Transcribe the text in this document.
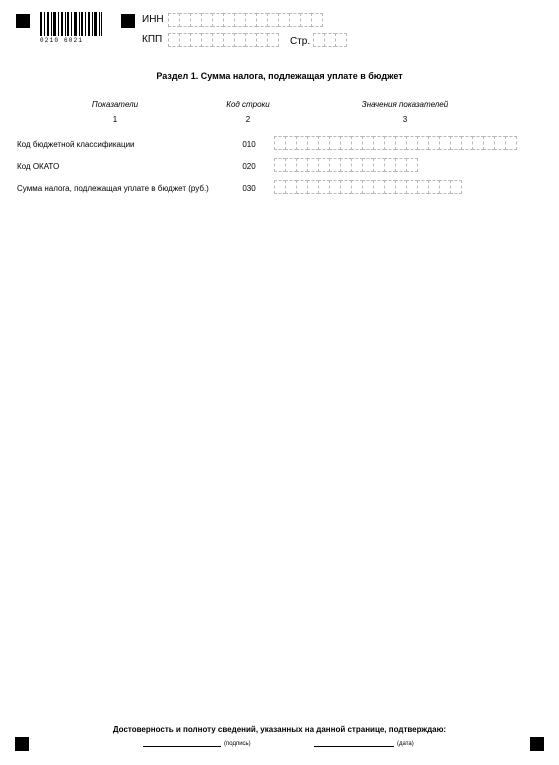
0210 6021
ИНН
КПП	Стр.
Раздел 1. Сумма налога, подлежащая уплате в бюджет
Показатели	Код строки	Значения показателей
1	2	3
Код бюджетной классификации	010
Код ОКАТО	020
Сумма налога, подлежащая уплате в бюджет (руб.)	030
Достоверность и полноту сведений, указанных на данной странице, подтверждаю:
(подпись)	(дата)
